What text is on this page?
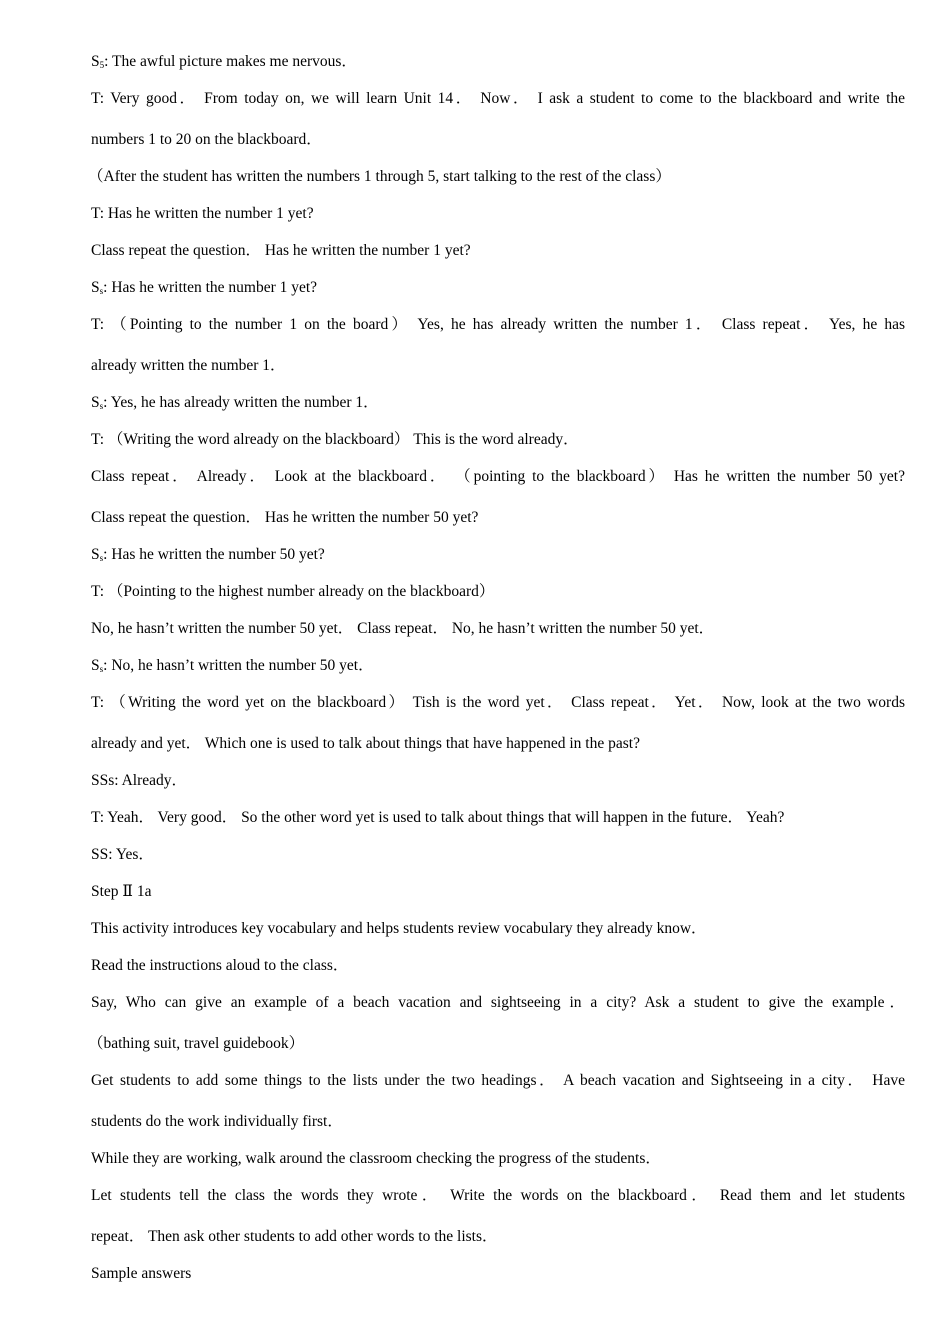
$S_5$: The awful picture makes me nervous．
T: Very good． From today on, we will learn Unit 14． Now． I ask a student to come to the blackboard and write the
numbers 1 to 20 on the blackboard．
（After the student has written the numbers 1 through 5, start talking to the rest of the class）
T: Has he written the number 1 yet?
Class repeat the question． Has he written the number 1 yet?
$S_s$: Has he written the number 1 yet?
T: （Pointing to the number 1 on the board） Yes, he has already written the number 1． Class repeat． Yes, he has
already written the number 1．
$S_s$: Yes, he has already written the number 1．
T: （Writing the word already on the blackboard） This is the word already．
Class repeat． Already． Look at the blackboard． （pointing to the blackboard） Has he written the number 50 yet?
Class repeat the question． Has he written the number 50 yet?
$S_s$: Has he written the number 50 yet?
T: （Pointing to the highest number already on the blackboard）
No, he hasn’t written the number 50 yet． Class repeat． No, he hasn’t written the number 50 yet．
$S_s$: No, he hasn’t written the number 50 yet．
T: （Writing the word yet on the blackboard） Tish is the word yet． Class repeat． Yet． Now, look at the two words
already and yet． Which one is used to talk about things that have happened in the past?
SSs: Already．
T: Yeah． Very good． So the other word yet is used to talk about things that will happen in the future． Yeah?
SS: Yes．
Step Ⅱ 1a
This activity introduces key vocabulary and helps students review vocabulary they already know．
Read the instructions aloud to the class．
Say, Who can give an example of a beach vacation and sightseeing in a city? Ask a student to give the example．
（bathing suit, travel guidebook）
Get students to add some things to the lists under the two headings． A beach vacation and Sightseeing in a city． Have
students do the work individually first．
While they are working, walk around the classroom checking the progress of the students．
Let students tell the class the words they wrote． Write the words on the blackboard． Read them and let students
repeat． Then ask other students to add other words to the lists．
Sample answers
